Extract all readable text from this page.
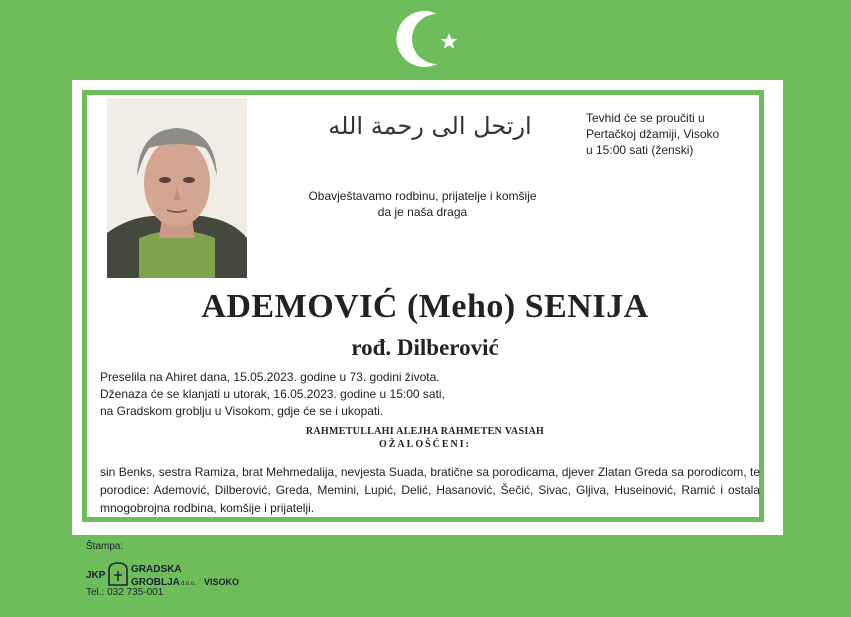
ارتحل الى رحمة الله	Tevhid će se proučiti u
Pertačkoj džamiji, Visoko
u 15:00 sati (ženski)
Obavještavamo rodbinu, prijatelje i komšije
da je naša draga
ADEMOVIĆ (Meho) SENIJA
rođ. Dilberović
Preselila na Ahiret dana, 15.05.2023. godine u 73. godini života.
Dženaza će se klanjati u utorak, 16.05.2023. godine u 15:00 sati,
na Gradskom groblju u Visokom, gdje će se i ukopati.
RAHMETULLAHI ALEJHA RAHMETEN VASIAH
OŽALOŠĆENI:
sin Benks, sestra Ramiza, brat Mehmedalija, nevjesta Suada, bratične sa porodicama, djever Zlatan Greda sa porodicom, te porodice: Ademović, Dilberović, Greda, Memini, Lupić, Delić, Hasanović, Šečić, Sivac, Gljiva, Huseinović, Ramić i ostala mnogobrojna rodbina, komšije i prijatelji.
Štampa:
JKP
GRADSKA
GROBLJA d.o.o. VISOKO
Tel.: 032 735-001
